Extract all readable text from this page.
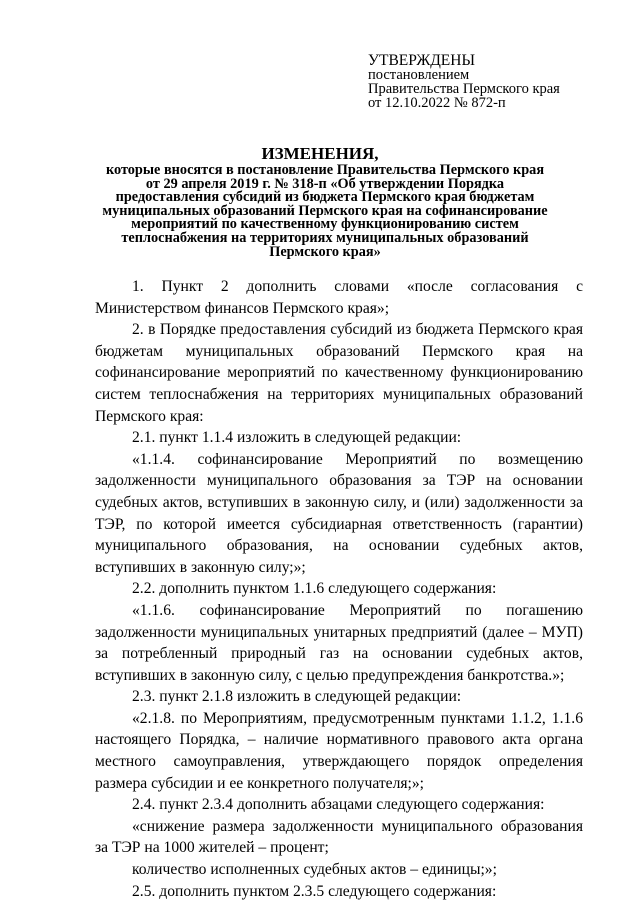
УТВЕРЖДЕНЫ
постановлением
Правительства Пермского края
от 12.10.2022 № 872-п
ИЗМЕНЕНИЯ,
которые вносятся в постановление Правительства Пермского края
от 29 апреля 2019 г. № 318-п «Об утверждении Порядка
предоставления субсидий из бюджета Пермского края бюджетам
муниципальных образований Пермского края на софинансирование
мероприятий по качественному функционированию систем
теплоснабжения на территориях муниципальных образований
Пермского края»

1. Пункт 2 дополнить словами «после согласования с Министерством финансов Пермского края»;

2. в Порядке предоставления субсидий из бюджета Пермского края бюджетам муниципальных образований Пермского края на софинансирование мероприятий по качественному функционированию систем теплоснабжения на территориях муниципальных образований Пермского края:

2.1. пункт 1.1.4 изложить в следующей редакции:

«1.1.4. софинансирование Мероприятий по возмещению задолженности муниципального образования за ТЭР на основании судебных актов, вступивших в законную силу, и (или) задолженности за ТЭР, по которой имеется субсидиарная ответственность (гарантии) муниципального образования, на основании судебных актов, вступивших в законную силу;»;

2.2. дополнить пунктом 1.1.6 следующего содержания:

«1.1.6. софинансирование Мероприятий по погашению задолженности муниципальных унитарных предприятий (далее – МУП) за потребленный природный газ на основании судебных актов, вступивших в законную силу, с целью предупреждения банкротства.»;

2.3. пункт 2.1.8 изложить в следующей редакции:

«2.1.8. по Мероприятиям, предусмотренным пунктами 1.1.2, 1.1.6 настоящего Порядка, – наличие нормативного правового акта органа местного самоуправления, утверждающего порядок определения размера субсидии и ее конкретного получателя;»;

2.4. пункт 2.3.4 дополнить абзацами следующего содержания:

«снижение размера задолженности муниципального образования за ТЭР на 1000 жителей – процент;

количество исполненных судебных актов – единицы;»;

2.5. дополнить пунктом 2.3.5 следующего содержания:
